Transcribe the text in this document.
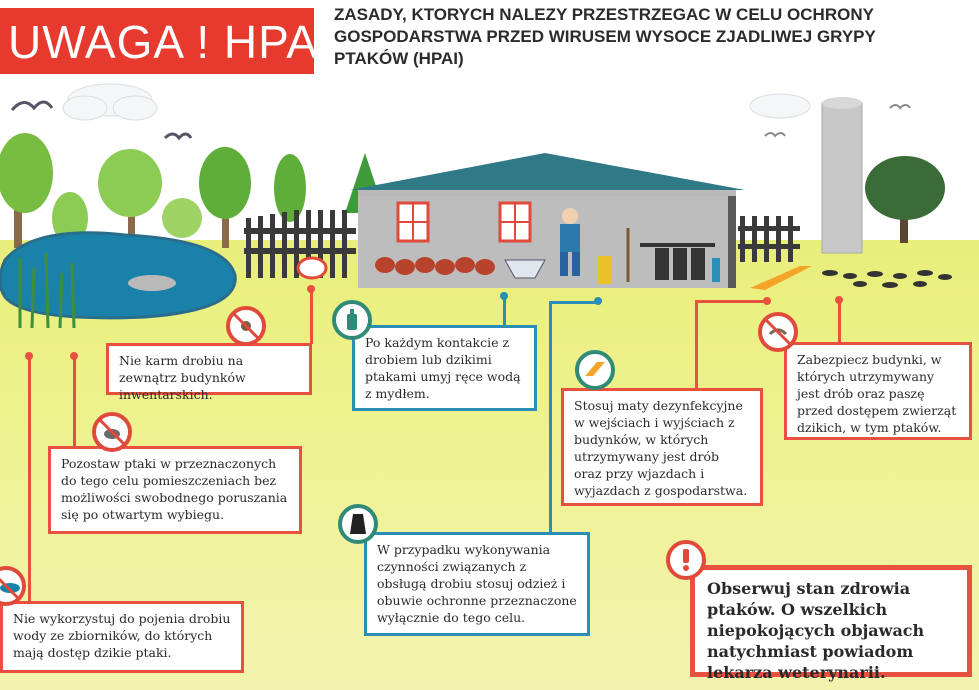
UWAGA ! HPAI
ZASADY, KTORYCH NALEZY PRZESTRZEGAC W CELU OCHRONY GOSPODARSTWA PRZED WIRUSEM WYSOCE ZJADLIWEJ GRYPY PTAKÓW (HPAI)
Nie karm drobiu na zewnątrz budynków inwentarskich.
Po każdym kontakcie z drobiem lub dzikimi ptakami umyj ręce wodą z mydłem.
Stosuj maty dezynfekcyjne w wejściach i wyjściach z budynków, w których utrzymywany jest drób oraz przy wjazdach i wyjazdach z gospodarstwa.
Zabezpiecz budynki, w których utrzymywany jest drób oraz paszę przed dostępem zwierząt dzikich, w tym ptaków.
Pozostaw ptaki w przeznaczonych do tego celu pomieszczeniach bez możliwości swobodnego poruszania się po otwartym wybiegu.
W przypadku wykonywania czynności związanych z obsługą drobiu stosuj odzież i obuwie ochronne przeznaczone wyłącznie do tego celu.
Nie wykorzystuj do pojenia drobiu wody ze zbiorników, do których mają dostęp dzikie ptaki.
Obserwuj stan zdrowia ptaków. O wszelkich niepokojących objawach natychmiast powiadom lekarza weterynarii.
